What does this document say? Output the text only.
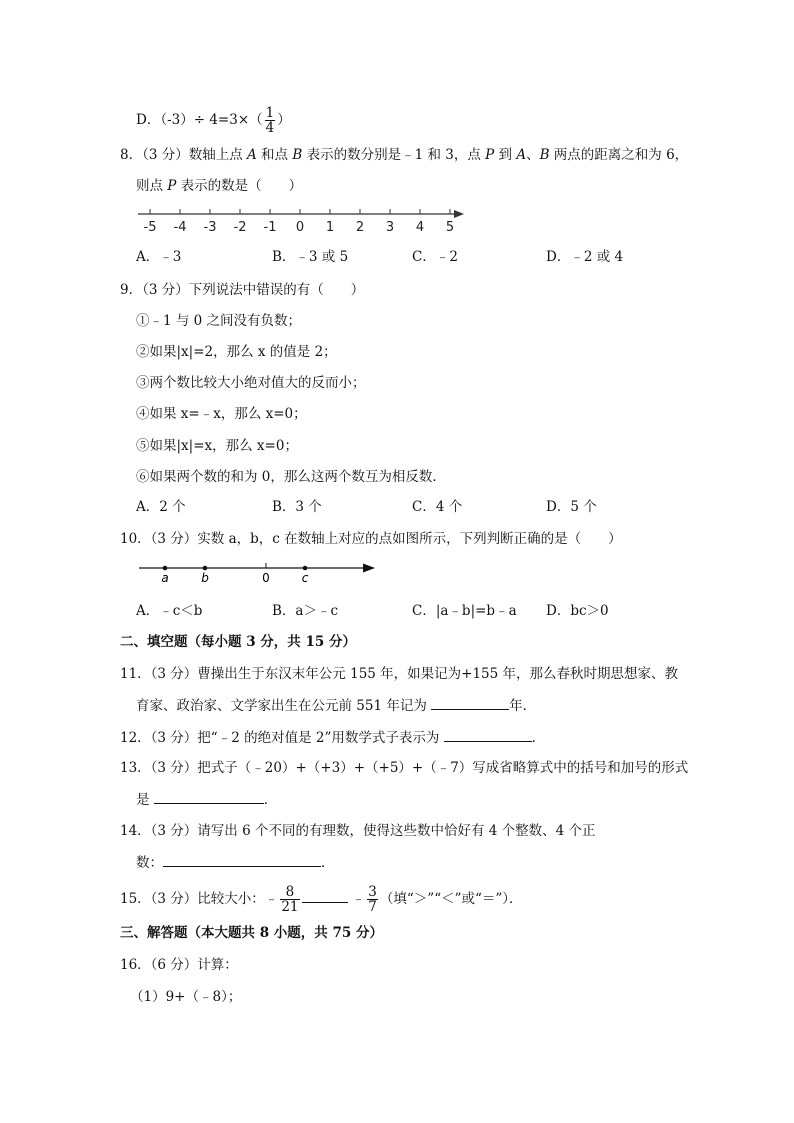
D．$(-3)\div 4=3\times( \frac{1}{4}$ ）
8．（3 分）数轴上点 A 和点 B 表示的数分别是﹣1 和 3，点 P 到 A、B 两点的距离之和为 6，
则点 P 表示的数是（　　）
-5 -4 -3 -2 -1 0 1 2 3 4 5
A．﹣3	B．﹣3 或 5	C．﹣2	D．﹣2 或 4
9．（3 分）下列说法中错误的有（　　）
①﹣1 与 0 之间没有负数；
②如果|x|=2，那么 x 的值是 2；
③两个数比较大小绝对值大的反而小；
④如果 x=﹣x，那么 x=0；
⑤如果|x|=x，那么 x=0；
⑥如果两个数的和为 0，那么这两个数互为相反数．
A．2 个	B．3 个	C．4 个	D．5 个
10．（3 分）实数 a，b，c 在数轴上对应的点如图所示，下列判断正确的是（　　）
a	b	0	c
A．﹣c＜b	B．a＞﹣c	C．|a﹣b|=b﹣a D．bc＞0
二、填空题（每小题 3 分，共 15 分）
11．（3 分）曹操出生于东汉末年公元 155 年，如果记为+155 年，那么春秋时期思想家、教
育家、政治家、文学家出生在公元前 551 年记为	年．
12．（3 分）把“﹣2 的绝对值是 2”用数学式子表示为	．
13．（3 分）把式子（﹣20）+（+3）+（+5）+（﹣7）写成省略算式中的括号和加号的形式
是	．
14．（3 分）请写出 6 个不同的有理数，使得这些数中恰好有 4 个整数、4 个正
数：	．
15．（3 分）比较大小：﹣ $\frac{8}{21}$	﹣ $\frac{3}{7}$ （填“＞”“＜”或“＝”）．
三、解答题（本大题共 8 小题，共 75 分）
16．（6 分）计算：
（1）9+（﹣8）；
